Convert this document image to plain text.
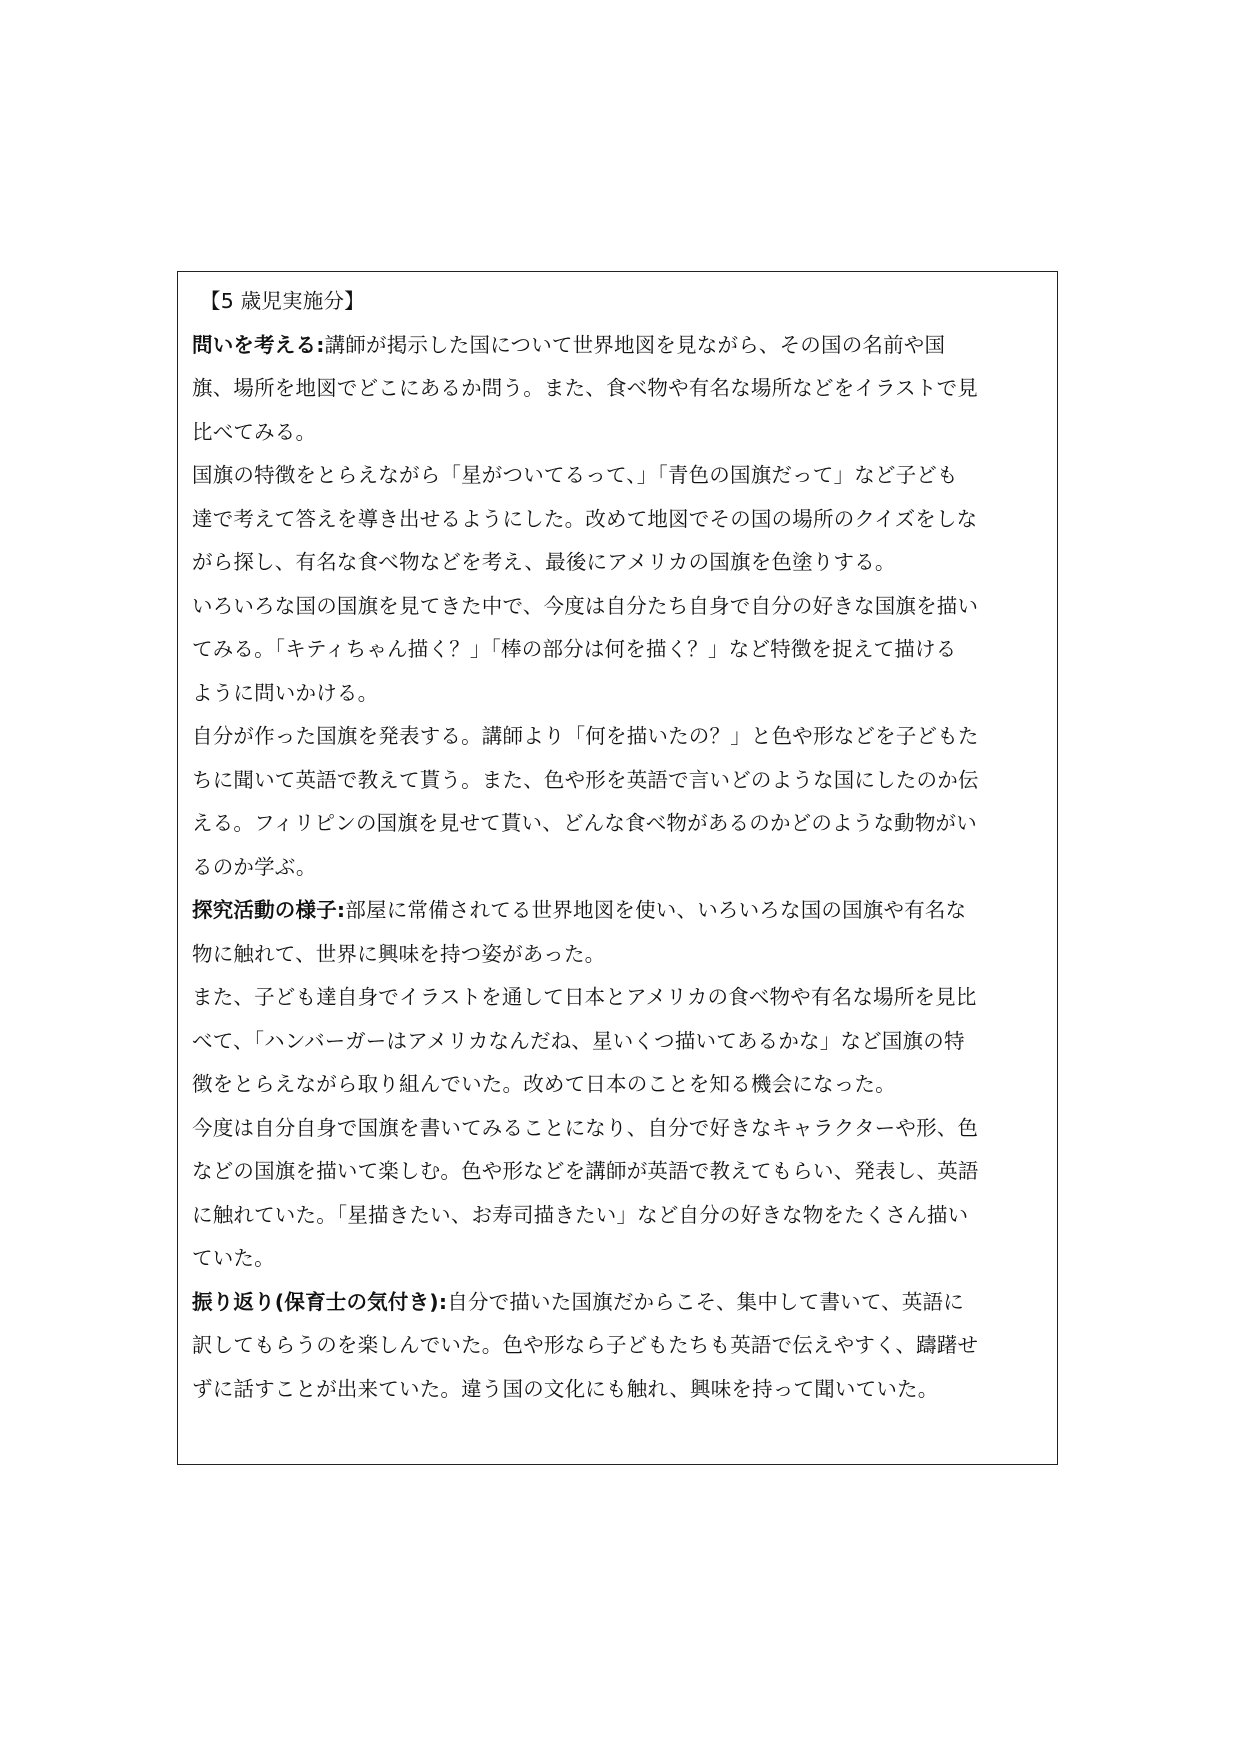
【5 歳児実施分】
問いを考える:講師が掲示した国について世界地図を見ながら、その国の名前や国
旗、場所を地図でどこにあるか問う。また、食べ物や有名な場所などをイラストで見
比べてみる。
国旗の特徴をとらえながら「星がついてるって、」「青色の国旗だって」など子ども
達で考えて答えを導き出せるようにした。改めて地図でその国の場所のクイズをしな
がら探し、有名な食べ物などを考え、最後にアメリカの国旗を色塗りする。
いろいろな国の国旗を見てきた中で、今度は自分たち自身で自分の好きな国旗を描い
てみる。「キティちゃん描く？」「棒の部分は何を描く？」など特徴を捉えて描ける
ように問いかける。
自分が作った国旗を発表する。講師より「何を描いたの？」と色や形などを子どもた
ちに聞いて英語で教えて貰う。また、色や形を英語で言いどのような国にしたのか伝
える。フィリピンの国旗を見せて貰い、どんな食べ物があるのかどのような動物がい
るのか学ぶ。
探究活動の様子:部屋に常備されてる世界地図を使い、いろいろな国の国旗や有名な
物に触れて、世界に興味を持つ姿があった。
また、子ども達自身でイラストを通して日本とアメリカの食べ物や有名な場所を見比
べて、「ハンバーガーはアメリカなんだね、星いくつ描いてあるかな」など国旗の特
徴をとらえながら取り組んでいた。改めて日本のことを知る機会になった。
今度は自分自身で国旗を書いてみることになり、自分で好きなキャラクターや形、色
などの国旗を描いて楽しむ。色や形などを講師が英語で教えてもらい、発表し、英語
に触れていた。「星描きたい、お寿司描きたい」など自分の好きな物をたくさん描い
ていた。
振り返り(保育士の気付き):自分で描いた国旗だからこそ、集中して書いて、英語に
訳してもらうのを楽しんでいた。色や形なら子どもたちも英語で伝えやすく、躊躇せ
ずに話すことが出来ていた。違う国の文化にも触れ、興味を持って聞いていた。
